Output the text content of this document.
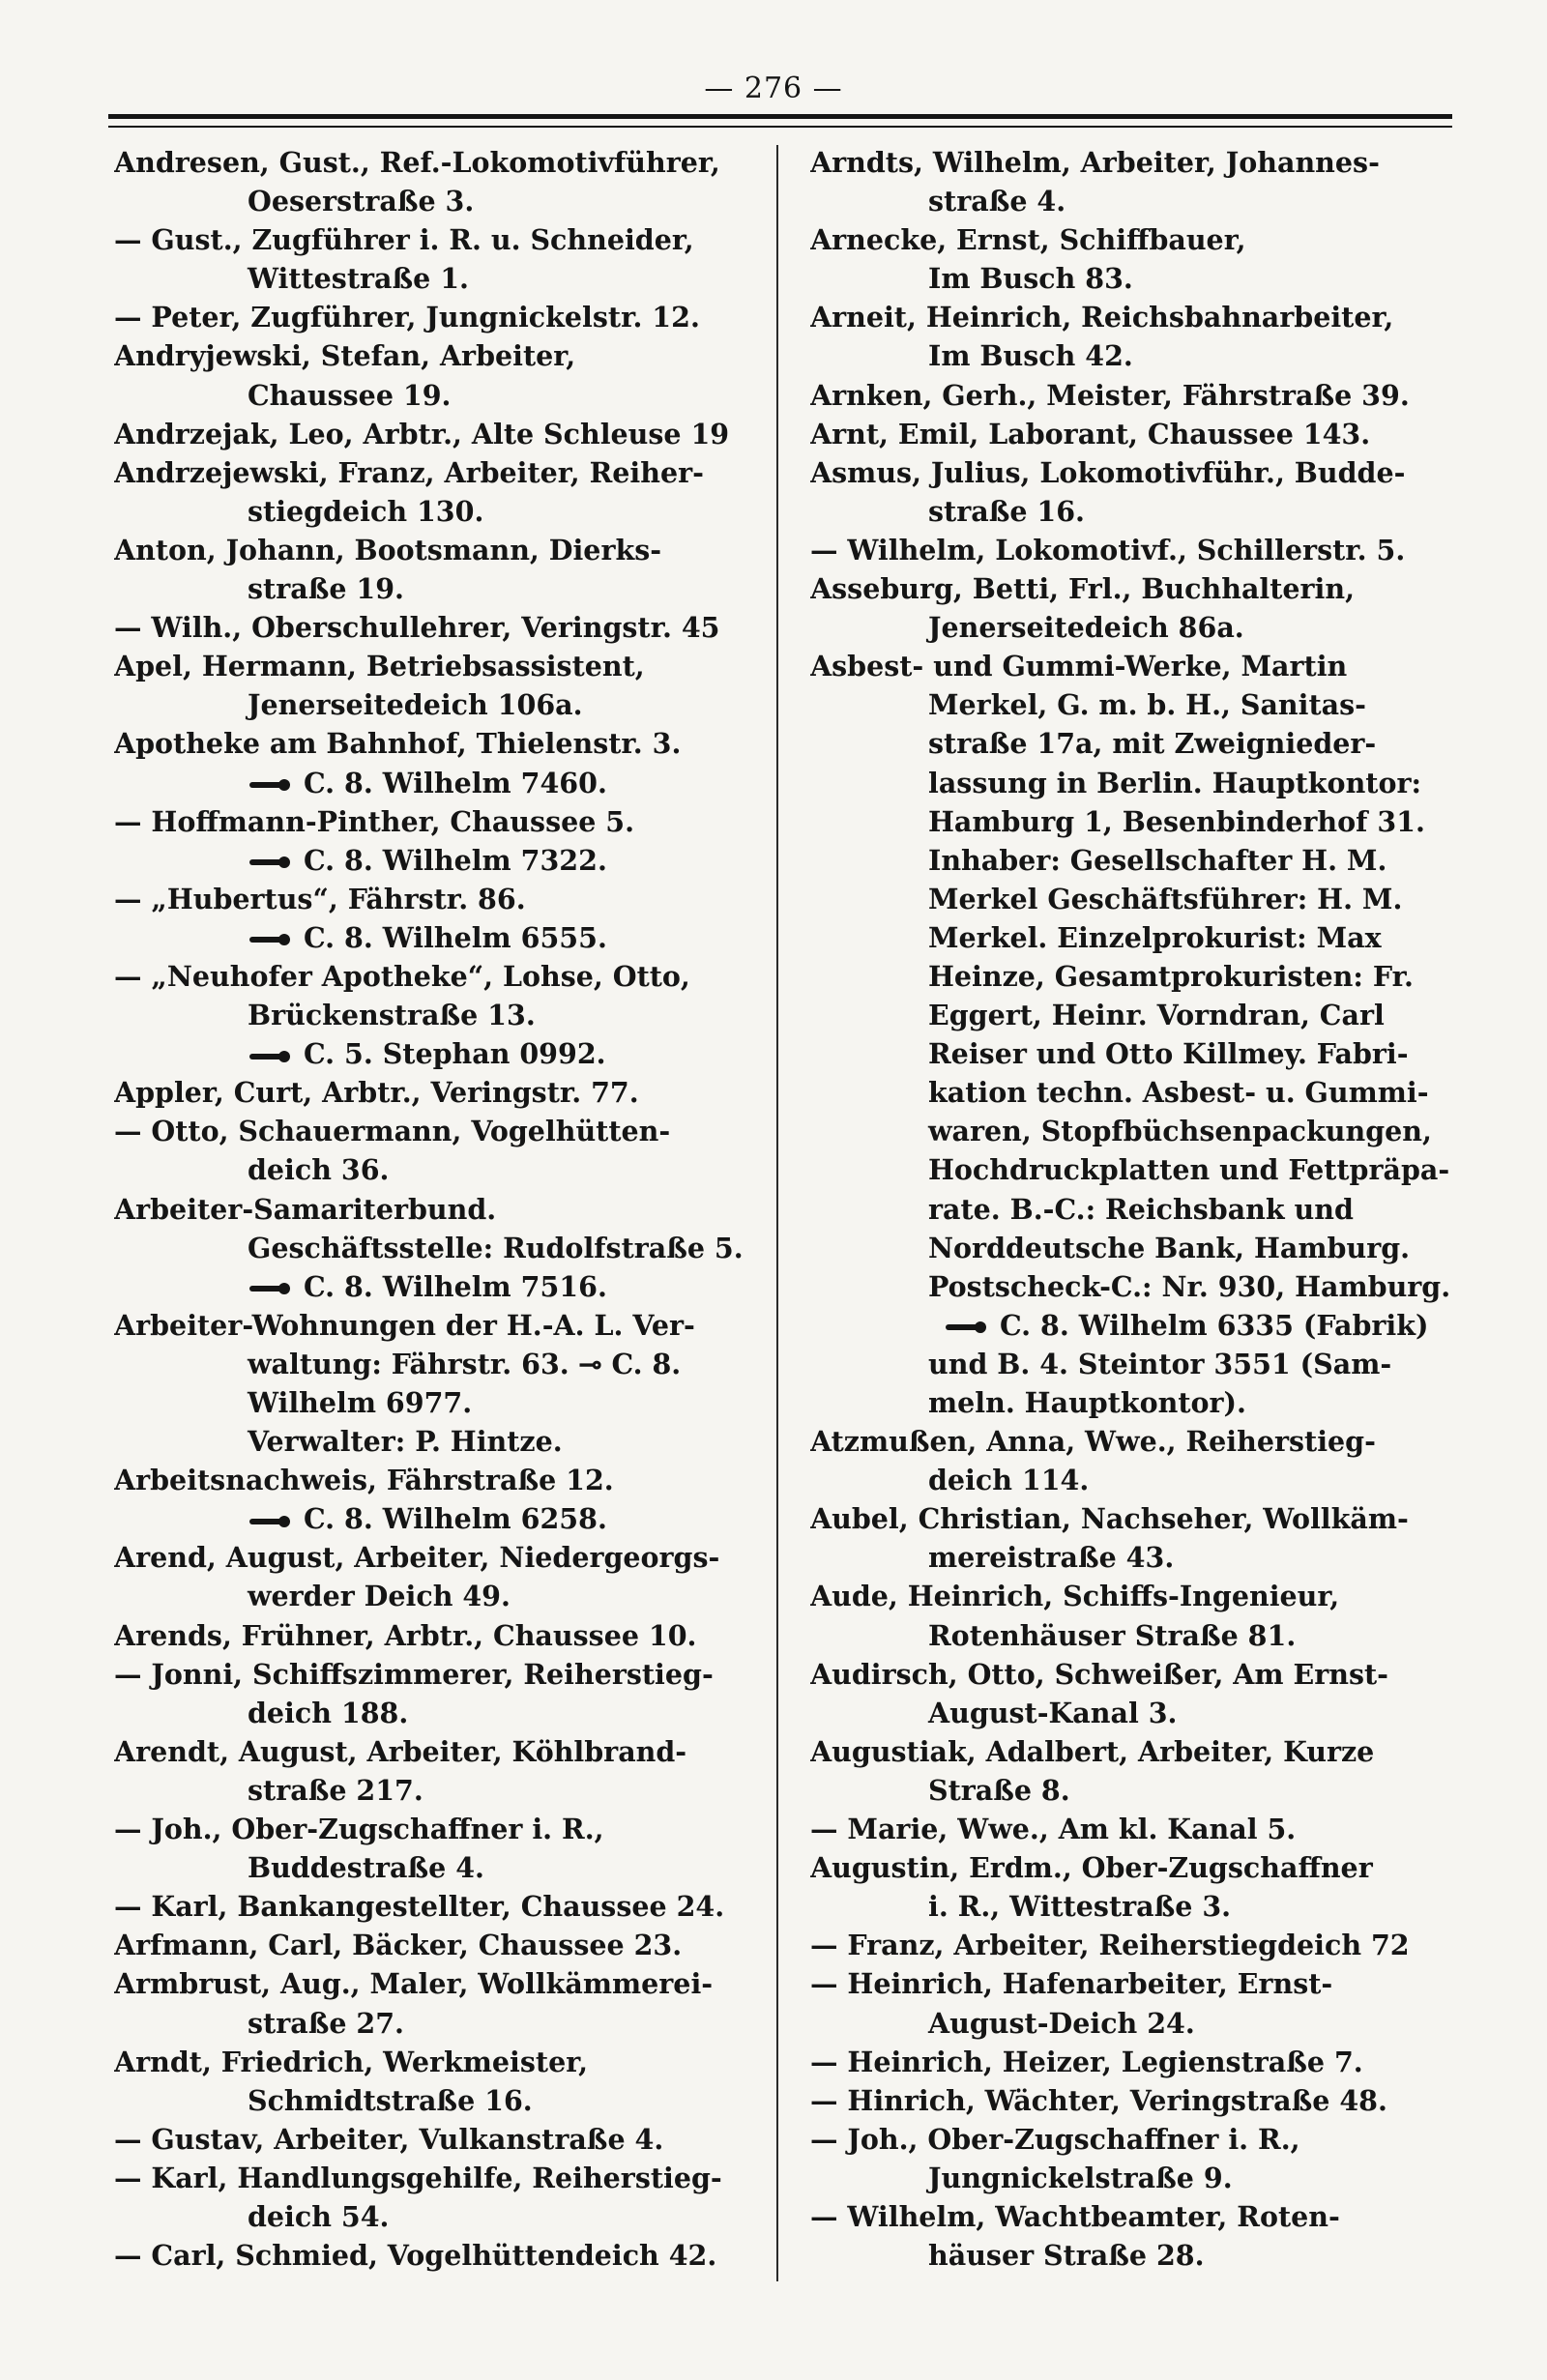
— 276 —
Andresen, Gust., Ref.-Lokomotivführer,
Oeserstraße 3.
— Gust., Zugführer i. R. u. Schneider,
Wittestraße 1.
— Peter, Zugführer, Jungnickelstr. 12.
Andryjewski, Stefan, Arbeiter,
Chaussee 19.
Andrzejak, Leo, Arbtr., Alte Schleuse 19
Andrzejewski, Franz, Arbeiter, Reiher-
stiegdeich 130.
Anton, Johann, Bootsmann, Dierks-
straße 19.
— Wilh., Oberschullehrer, Veringstr. 45
Apel, Hermann, Betriebsassistent,
Jenerseitedeich 106a.
Apotheke am Bahnhof, Thielenstr. 3.
C. 8. Wilhelm 7460.
— Hoffmann-Pinther, Chaussee 5.
C. 8. Wilhelm 7322.
— „Hubertus“, Fährstr. 86.
C. 8. Wilhelm 6555.
— „Neuhofer Apotheke“, Lohse, Otto,
Brückenstraße 13.
C. 5. Stephan 0992.
Appler, Curt, Arbtr., Veringstr. 77.
— Otto, Schauermann, Vogelhütten-
deich 36.
Arbeiter-Samariterbund.
Geschäftsstelle: Rudolfstraße 5.
C. 8. Wilhelm 7516.
Arbeiter-Wohnungen der H.-A. L. Ver-
waltung: Fährstr. 63. ⊸ C. 8.
Wilhelm 6977.
Verwalter: P. Hintze.
Arbeitsnachweis, Fährstraße 12.
C. 8. Wilhelm 6258.
Arend, August, Arbeiter, Niedergeorgs-
werder Deich 49.
Arends, Frühner, Arbtr., Chaussee 10.
— Jonni, Schiffszimmerer, Reiherstieg-
deich 188.
Arendt, August, Arbeiter, Köhlbrand-
straße 217.
— Joh., Ober-Zugschaffner i. R.,
Buddestraße 4.
— Karl, Bankangestellter, Chaussee 24.
Arfmann, Carl, Bäcker, Chaussee 23.
Armbrust, Aug., Maler, Wollkämmerei-
straße 27.
Arndt, Friedrich, Werkmeister,
Schmidtstraße 16.
— Gustav, Arbeiter, Vulkanstraße 4.
— Karl, Handlungsgehilfe, Reiherstieg-
deich 54.
— Carl, Schmied, Vogelhüttendeich 42.
Arndts, Wilhelm, Arbeiter, Johannes-
straße 4.
Arnecke, Ernst, Schiffbauer,
Im Busch 83.
Arneit, Heinrich, Reichsbahnarbeiter,
Im Busch 42.
Arnken, Gerh., Meister, Fährstraße 39.
Arnt, Emil, Laborant, Chaussee 143.
Asmus, Julius, Lokomotivführ., Budde-
straße 16.
— Wilhelm, Lokomotivf., Schillerstr. 5.
Asseburg, Betti, Frl., Buchhalterin,
Jenerseitedeich 86a.
Asbest- und Gummi-Werke, Martin
Merkel, G. m. b. H., Sanitas-
straße 17a, mit Zweignieder-
lassung in Berlin. Hauptkontor:
Hamburg 1, Besenbinderhof 31.
Inhaber: Gesellschafter H. M.
Merkel Geschäftsführer: H. M.
Merkel. Einzelprokurist: Max
Heinze, Gesamtprokuristen: Fr.
Eggert, Heinr. Vorndran, Carl
Reiser und Otto Killmey. Fabri-
kation techn. Asbest- u. Gummi-
waren, Stopfbüchsenpackungen,
Hochdruckplatten und Fettpräpa-
rate. B.-C.: Reichsbank und
Norddeutsche Bank, Hamburg.
Postscheck-C.: Nr. 930, Hamburg.
C. 8. Wilhelm 6335 (Fabrik)
und B. 4. Steintor 3551 (Sam-
meln. Hauptkontor).
Atzmußen, Anna, Wwe., Reiherstieg-
deich 114.
Aubel, Christian, Nachseher, Wollkäm-
mereistraße 43.
Aude, Heinrich, Schiffs-Ingenieur,
Rotenhäuser Straße 81.
Audirsch, Otto, Schweißer, Am Ernst-
August-Kanal 3.
Augustiak, Adalbert, Arbeiter, Kurze
Straße 8.
— Marie, Wwe., Am kl. Kanal 5.
Augustin, Erdm., Ober-Zugschaffner
i. R., Wittestraße 3.
— Franz, Arbeiter, Reiherstiegdeich 72
— Heinrich, Hafenarbeiter, Ernst-
August-Deich 24.
— Heinrich, Heizer, Legienstraße 7.
— Hinrich, Wächter, Veringstraße 48.
— Joh., Ober-Zugschaffner i. R.,
Jungnickelstraße 9.
— Wilhelm, Wachtbeamter, Roten-
häuser Straße 28.
